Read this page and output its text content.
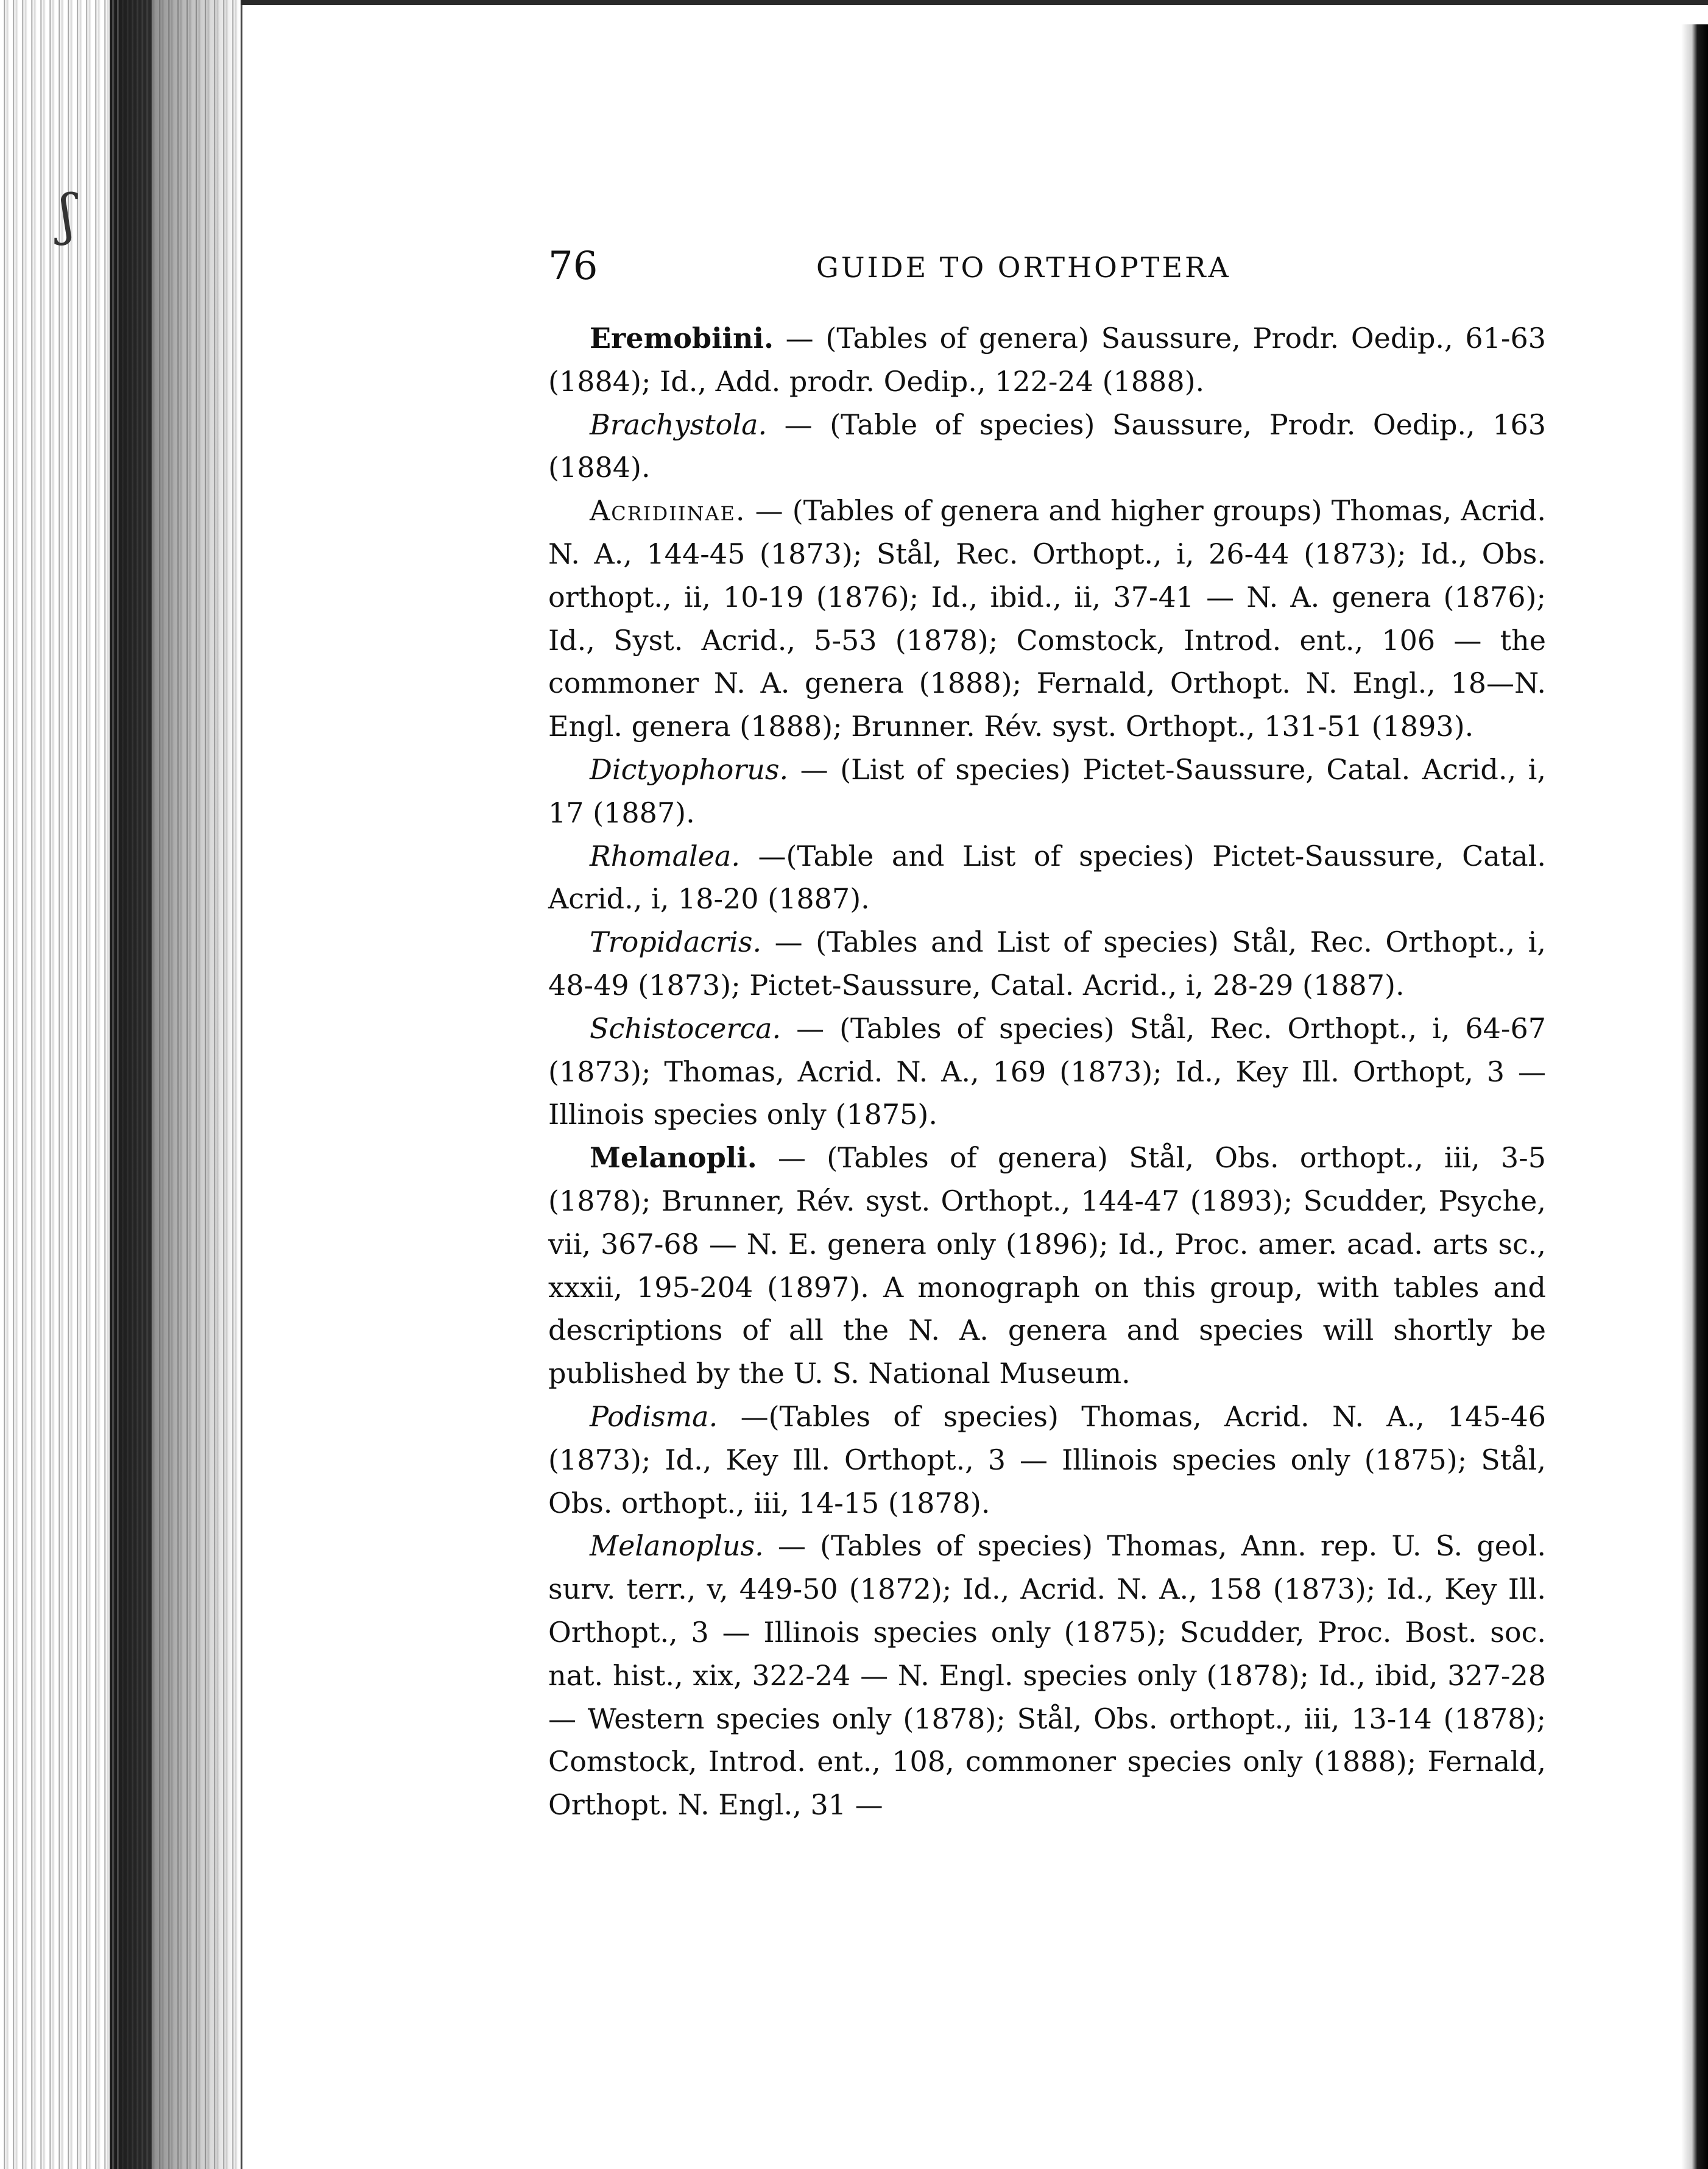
ʃ
76	GUIDE TO ORTHOPTERA

Eremobiini. — (Tables of genera) Saussure, Prodr. Oedip., 61-63 (1884); Id., Add. prodr. Oedip., 122-24 (1888).

Brachystola. — (Table of species) Saussure, Prodr. Oedip., 163 (1884).

Acridiinae. — (Tables of genera and higher groups) Thomas, Acrid. N. A., 144-45 (1873); Stål, Rec. Orthopt., i, 26-44 (1873); Id., Obs. orthopt., ii, 10-19 (1876); Id., ibid., ii, 37-41 — N. A. genera (1876); Id., Syst. Acrid., 5-53 (1878); Comstock, Introd. ent., 106 — the commoner N. A. genera (1888); Fernald, Orthopt. N. Engl., 18—N. Engl. genera (1888); Brunner. Rév. syst. Orthopt., 131-51 (1893).

Dictyophorus. — (List of species) Pictet-Saussure, Catal. Acrid., i, 17 (1887).

Rhomalea. —(Table and List of species) Pictet-Saussure, Catal. Acrid., i, 18-20 (1887).

Tropidacris. — (Tables and List of species) Stål, Rec. Orthopt., i, 48-49 (1873); Pictet-Saussure, Catal. Acrid., i, 28-29 (1887).

Schistocerca. — (Tables of species) Stål, Rec. Orthopt., i, 64-67 (1873); Thomas, Acrid. N. A., 169 (1873); Id., Key Ill. Orthopt, 3 — Illinois species only (1875).

Melanopli. — (Tables of genera) Stål, Obs. orthopt., iii, 3-5 (1878); Brunner, Rév. syst. Orthopt., 144-47 (1893); Scudder, Psyche, vii, 367-68 — N. E. genera only (1896); Id., Proc. amer. acad. arts sc., xxxii, 195-204 (1897). A monograph on this group, with tables and descriptions of all the N. A. genera and species will shortly be published by the U. S. National Museum.

Podisma. —(Tables of species) Thomas, Acrid. N. A., 145-46 (1873); Id., Key Ill. Orthopt., 3 — Illinois species only (1875); Stål, Obs. orthopt., iii, 14-15 (1878).

Melanoplus. — (Tables of species) Thomas, Ann. rep. U. S. geol. surv. terr., v, 449-50 (1872); Id., Acrid. N. A., 158 (1873); Id., Key Ill. Orthopt., 3 — Illinois species only (1875); Scudder, Proc. Bost. soc. nat. hist., xix, 322-24 — N. Engl. species only (1878); Id., ibid, 327-28 — Western species only (1878); Stål, Obs. orthopt., iii, 13-14 (1878); Comstock, Introd. ent., 108, commoner species only (1888); Fernald, Orthopt. N. Engl., 31 —
